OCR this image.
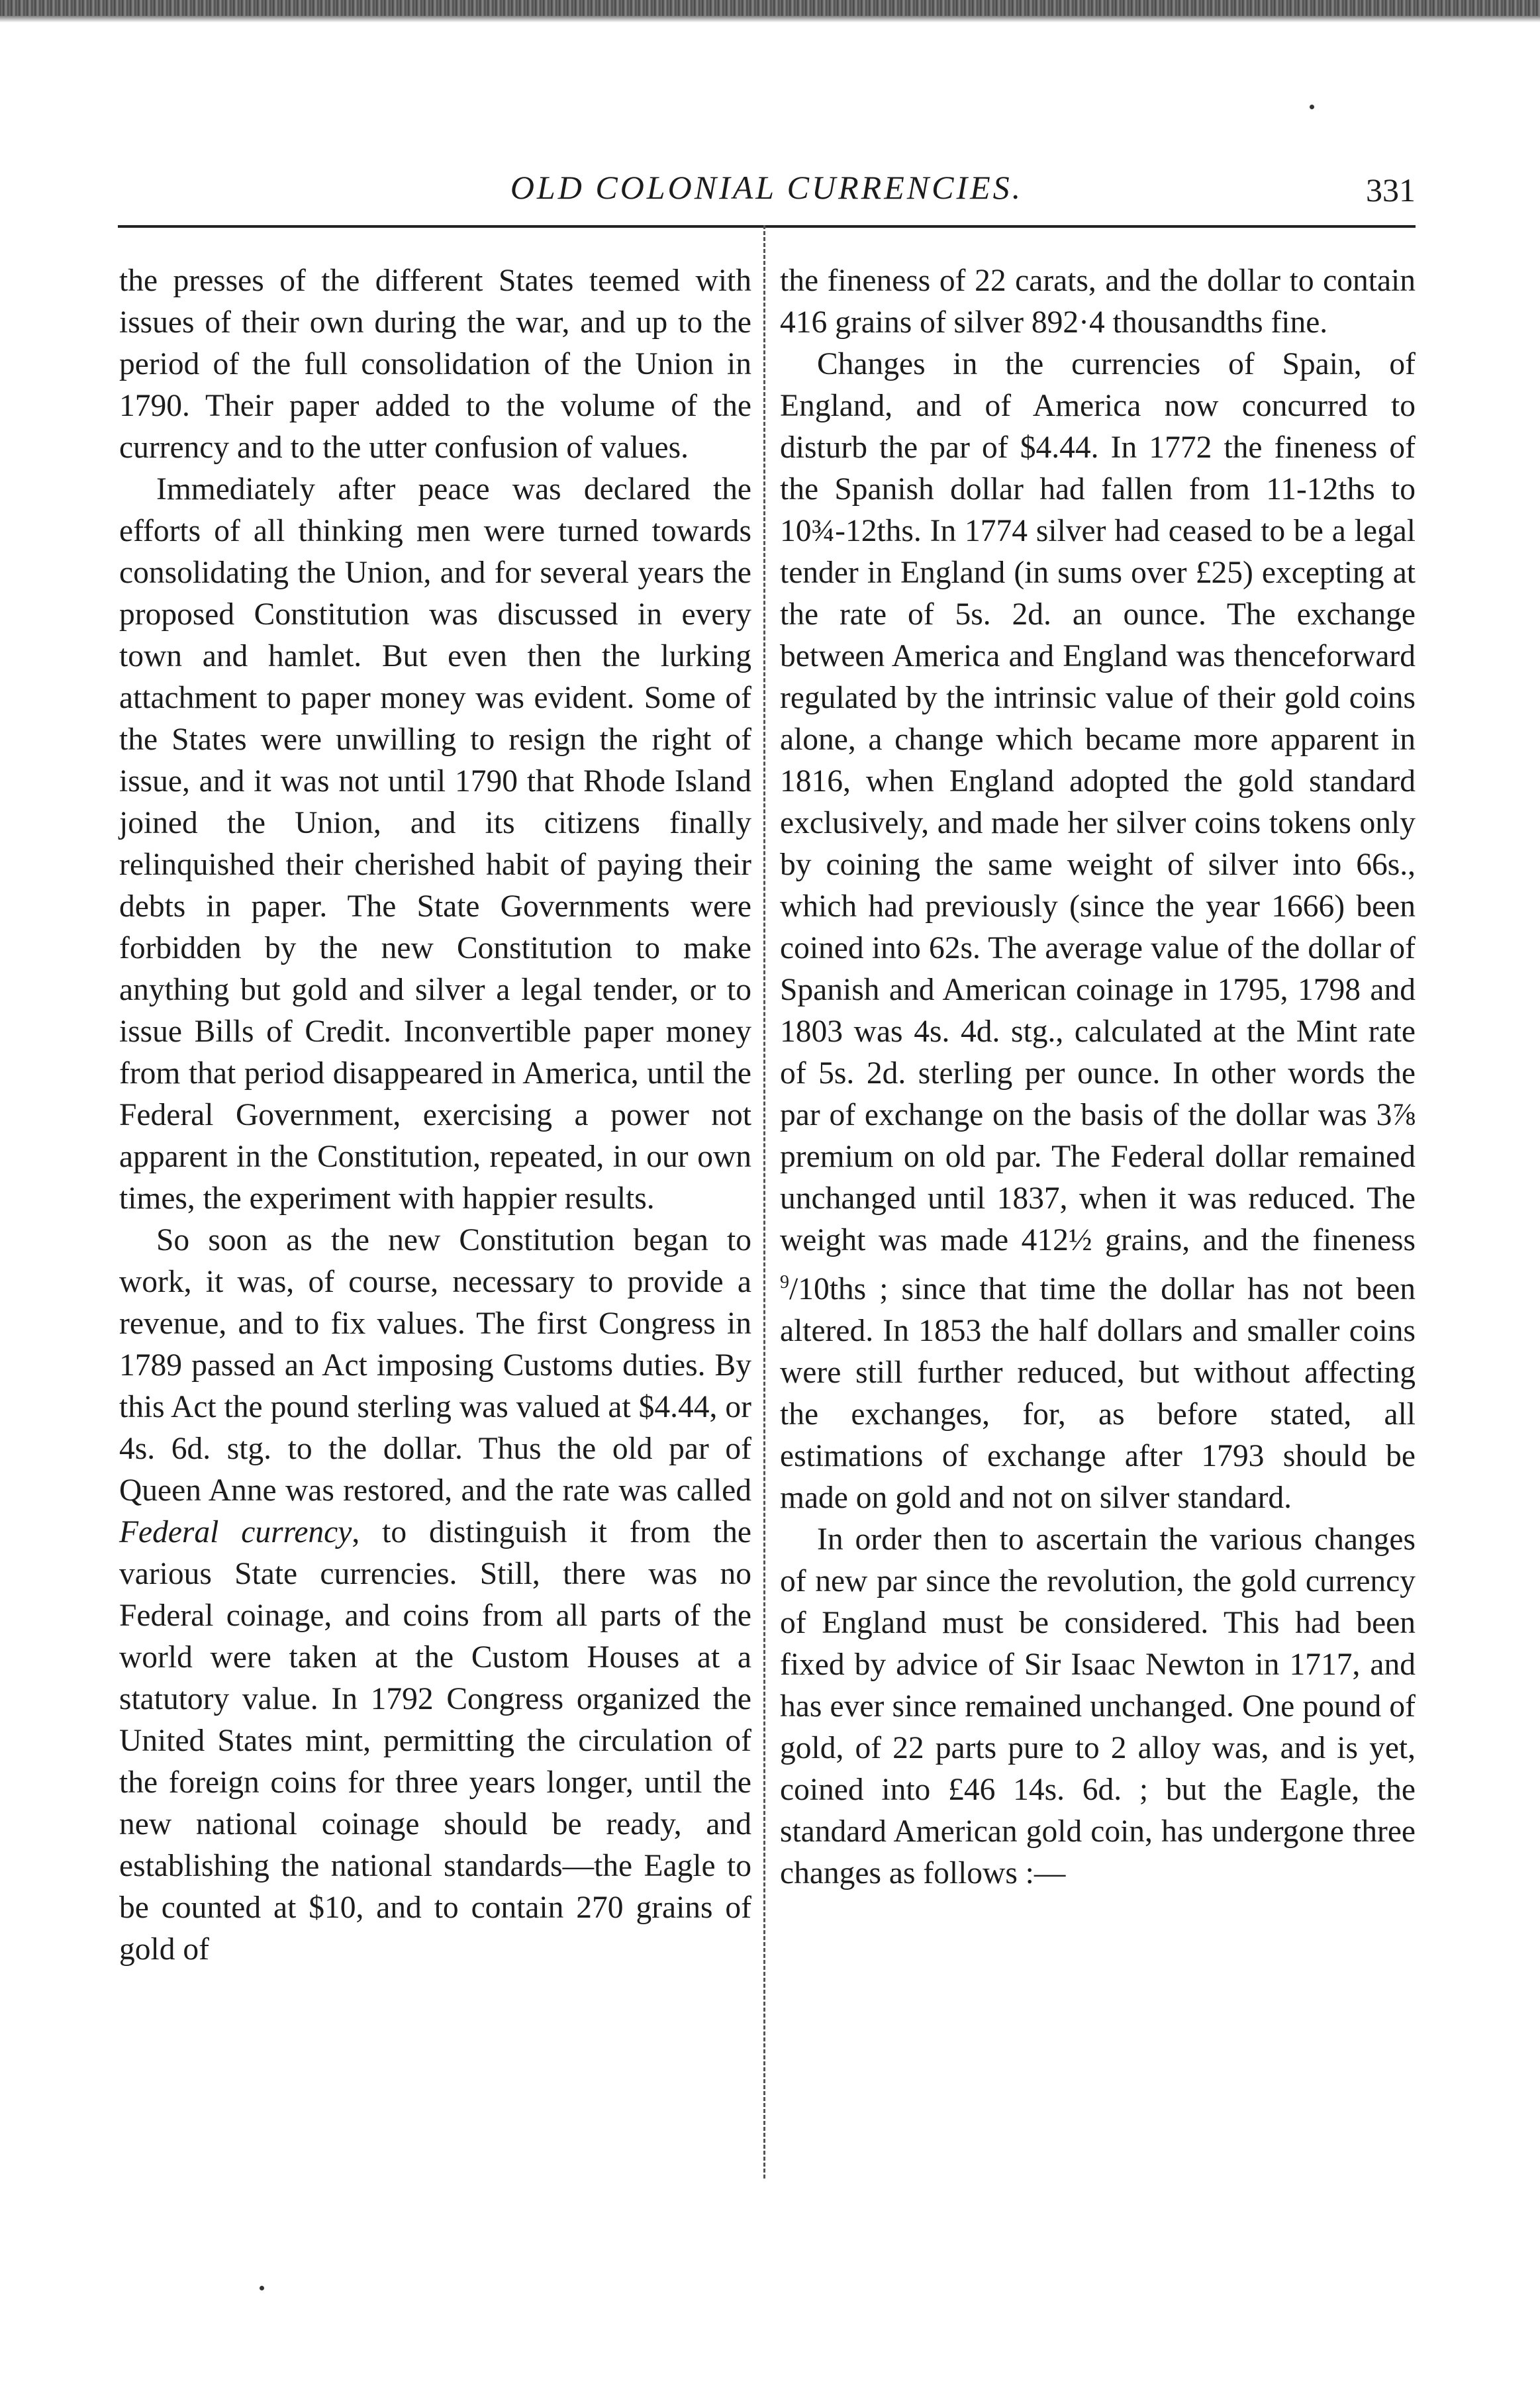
OLD COLONIAL CURRENCIES.	331

the presses of the different States teemed with issues of their own during the war, and up to the period of the full consolidation of the Union in 1790. Their paper added to the volume of the currency and to the utter confusion of values.

Immediately after peace was declared the efforts of all thinking men were turned towards consolidating the Union, and for several years the proposed Constitution was discussed in every town and hamlet. But even then the lurking attachment to paper money was evident. Some of the States were unwilling to resign the right of issue, and it was not until 1790 that Rhode Island joined the Union, and its citizens finally relinquished their cherished habit of paying their debts in paper. The State Governments were forbidden by the new Constitution to make anything but gold and silver a legal tender, or to issue Bills of Credit. Inconvertible paper money from that period disappeared in America, until the Federal Government, exercising a power not apparent in the Constitution, repeated, in our own times, the experiment with happier results.

So soon as the new Constitution began to work, it was, of course, necessary to provide a revenue, and to fix values. The first Congress in 1789 passed an Act imposing Customs duties. By this Act the pound sterling was valued at $4.44, or 4s. 6d. stg. to the dollar. Thus the old par of Queen Anne was restored, and the rate was called Federal currency, to distinguish it from the various State currencies. Still, there was no Federal coinage, and coins from all parts of the world were taken at the Custom Houses at a statutory value. In 1792 Congress organized the United States mint, permitting the circulation of the foreign coins for three years longer, until the new national coinage should be ready, and establishing the national standards—the Eagle to be counted at $10, and to contain 270 grains of gold of

the fineness of 22 carats, and the dollar to contain 416 grains of silver 892·4 thousandths fine.

Changes in the currencies of Spain, of England, and of America now concurred to disturb the par of $4.44. In 1772 the fineness of the Spanish dollar had fallen from 11-12ths to 10¾-12ths. In 1774 silver had ceased to be a legal tender in England (in sums over £25) excepting at the rate of 5s. 2d. an ounce. The exchange between America and England was thenceforward regulated by the intrinsic value of their gold coins alone, a change which became more apparent in 1816, when England adopted the gold standard exclusively, and made her silver coins tokens only by coining the same weight of silver into 66s., which had previously (since the year 1666) been coined into 62s. The average value of the dollar of Spanish and American coinage in 1795, 1798 and 1803 was 4s. 4d. stg., calculated at the Mint rate of 5s. 2d. sterling per ounce. In other words the par of exchange on the basis of the dollar was 3⅞ premium on old par. The Federal dollar remained unchanged until 1837, when it was reduced. The weight was made 412½ grains, and the fineness $^9$/10ths ; since that time the dollar has not been altered. In 1853 the half dollars and smaller coins were still further reduced, but without affecting the exchanges, for, as before stated, all estimations of exchange after 1793 should be made on gold and not on silver standard.

In order then to ascertain the various changes of new par since the revolution, the gold currency of England must be considered. This had been fixed by advice of Sir Isaac Newton in 1717, and has ever since remained unchanged. One pound of gold, of 22 parts pure to 2 alloy was, and is yet, coined into £46 14s. 6d. ; but the Eagle, the standard American gold coin, has undergone three changes as follows :—
